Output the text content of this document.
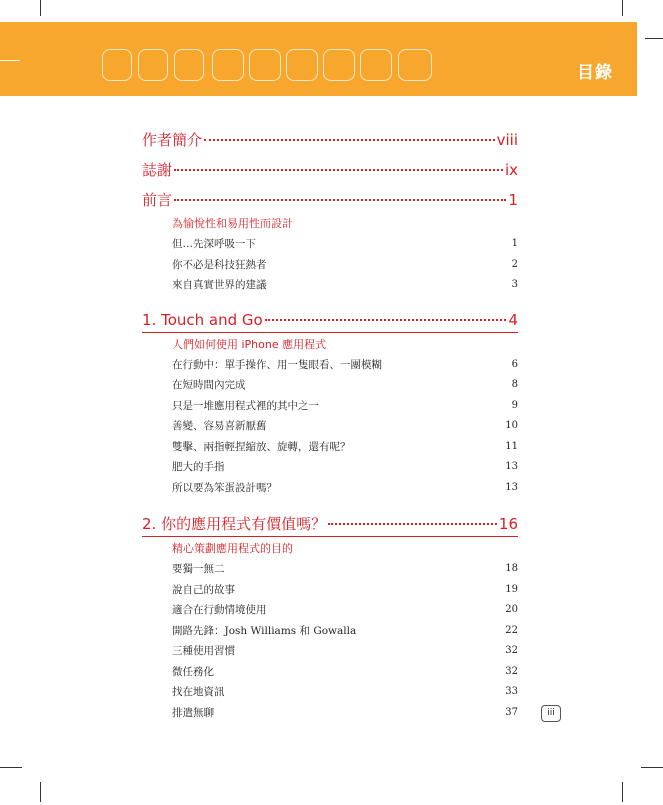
目錄
作者簡介	viii
誌謝	ix
前言	1
為愉悅性和易用性而設計
但…先深呼吸一下	1
你不必是科技狂熱者	2
來自真實世界的建議	3
1. Touch and Go	4
人們如何使用 iPhone 應用程式
在行動中：單手操作、用一隻眼看、一團模糊	6
在短時間內完成	8
只是一堆應用程式裡的其中之一	9
善變、容易喜新厭舊	10
雙擊、兩指輕捏縮放、旋轉，還有呢？	11
肥大的手指	13
所以要為笨蛋設計嗎？	13
2. 你的應用程式有價值嗎？	16
精心策劃應用程式的目的
要獨一無二	18
說自己的故事	19
適合在行動情境使用	20
開路先鋒：Josh Williams 和 Gowalla	22
三種使用習慣	32
微任務化	32
找在地資訊	33
排遣無聊	37	iii
